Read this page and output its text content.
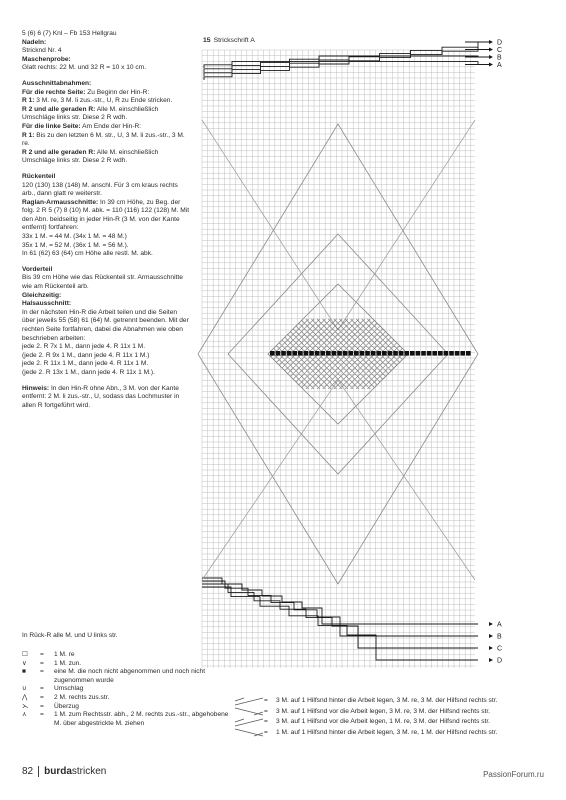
5 (6) 6 (7) Knl – Fb 153 Hellgrau

Nadeln:

Stricknd Nr. 4

Maschenprobe:

Glatt rechts: 22 M. und 32 R = 10 x 10 cm.

Ausschnittabnahmen:

Für die rechte Seite: Zu Beginn der Hin-R:

R 1: 3 M. re, 3 M. li zus.-str., U, R zu Ende stricken.

R 2 und alle geraden R: Alle M. einschließlich Umschläge links str. Diese 2 R wdh.

Für die linke Seite: Am Ende der Hin-R:

R 1: Bis zu den letzten 6 M. str., U, 3 M. li zus.-str., 3 M. re.

R 2 und alle geraden R: Alle M. einschließlich Umschläge links str. Diese 2 R wdh.

Rückenteil

120 (130) 138 (148) M. anschl. Für 3 cm kraus rechts arb., dann glatt re weiterstr.

Raglan-Armausschnitte: In 39 cm Höhe, zu Beg. der folg. 2 R 5 (7) 8 (10) M. abk. = 110 (116) 122 (128) M. Mit den Abn. beidseitig in jeder Hin-R (3 M. von der Kante entfernt) fortfahren:

33x 1 M. = 44 M. (34x 1 M. = 48 M.)

35x 1 M. = 52 M. (36x 1 M. = 56 M.).

In 61 (62) 63 (64) cm Höhe alle restl. M. abk.

Vorderteil

Bis 39 cm Höhe wie das Rückenteil str. Armausschnitte wie am Rückenteil arb.

Gleichzeitig:

Halsausschnitt:

In der nächsten Hin-R die Arbeit teilen und die Seiten über jeweils 55 (58) 61 (64) M. getrennt beenden. Mit der rechten Seite fortfahren, dabei die Abnahmen wie oben beschrieben arbeiten:

jede 2. R 7x 1 M., dann jede 4. R 11x 1 M.

(jede 2. R 9x 1 M., dann jede 4. R 11x 1 M.)

jede 2. R 11x 1 M., dann jede 4. R 11x 1 M.

(jede 2. R 13x 1 M., dann jede 4. R 11x 1 M.).

Hinweis: In den Hin-R ohne Abn., 3 M. von der Kante entfernt: 2 M. li zus.-str., U, sodass das Lochmuster in allen R fortgeführt wird.

In Rück-R alle M. und U links str.
☐	=	1 M. re
∨	=	1 M. zun.
■	=	eine M. die noch nicht abgenommen und noch nicht zugenommen wurde
∪	=	Umschlag
⋀	=	2 M. rechts zus.str.
⋋	=	Überzug
⋏	=	1 M. zum Rechtsstr. abh., 2 M. rechts zus.-str., abgehobene M. über abgestrickte M. ziehen
=	3 M. auf 1 Hilfsnd hinter die Arbeit legen, 3 M. re, 3 M. der Hilfsnd rechts str.
=	3 M. auf 1 Hilfsnd vor die Arbeit legen, 3 M. re, 3 M. der Hilfsnd rechts str.
=	3 M. auf 1 Hilfsnd vor die Arbeit legen, 1 M. re, 3 M. der Hilfsnd rechts str.
=	1 M. auf 1 Hilfsnd hinter die Arbeit legen, 3 M. re, 1 M. der Hilfsnd rechts str.
15 Strickschrift A	D
C
B
A
A
B
C
D
82 burda stricken	PassionForum.ru
